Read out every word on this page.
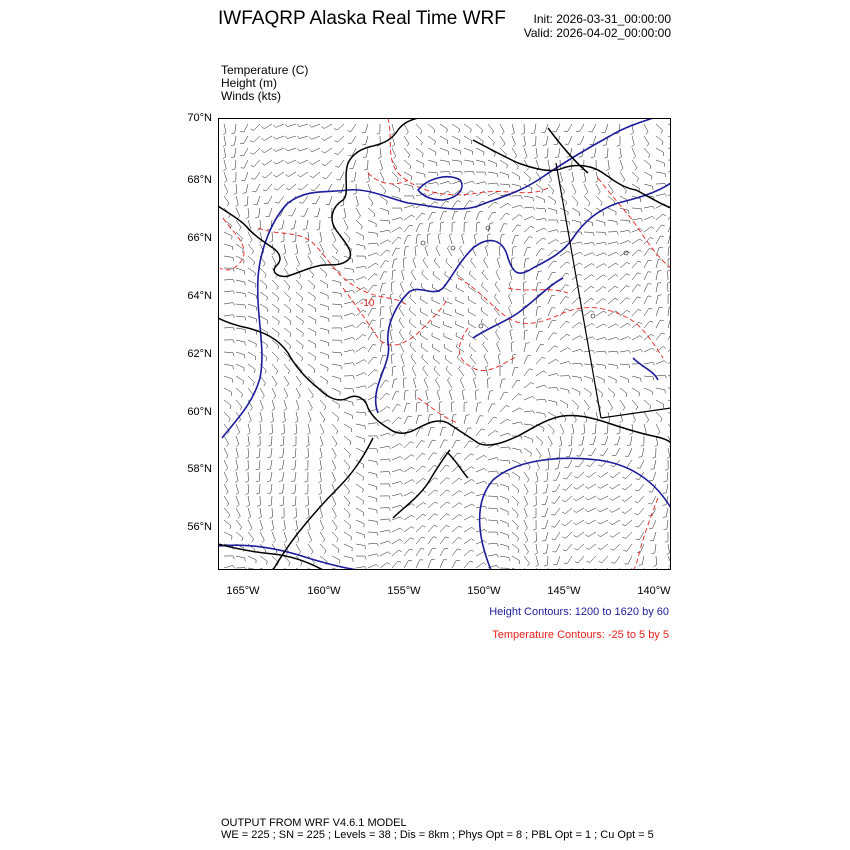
IWFAQRP Alaska Real Time WRF Init: 2026-03-31_00:00:00
Valid: 2026-04-02_00:00:00
Temperature (C)
Height (m)
Winds (kts)
70°N
68°N
66°N
64°N
62°N
60°N
58°N
56°N
165°W	160°W	155°W	150°W	145°W	140°W
-10
Height Contours: 1200 to 1620 by 60
Temperature Contours: -25 to 5 by 5
OUTPUT FROM WRF V4.6.1 MODEL
WE = 225 ; SN = 225 ; Levels = 38 ; Dis = 8km ; Phys Opt = 8 ; PBL Opt = 1 ; Cu Opt = 5
